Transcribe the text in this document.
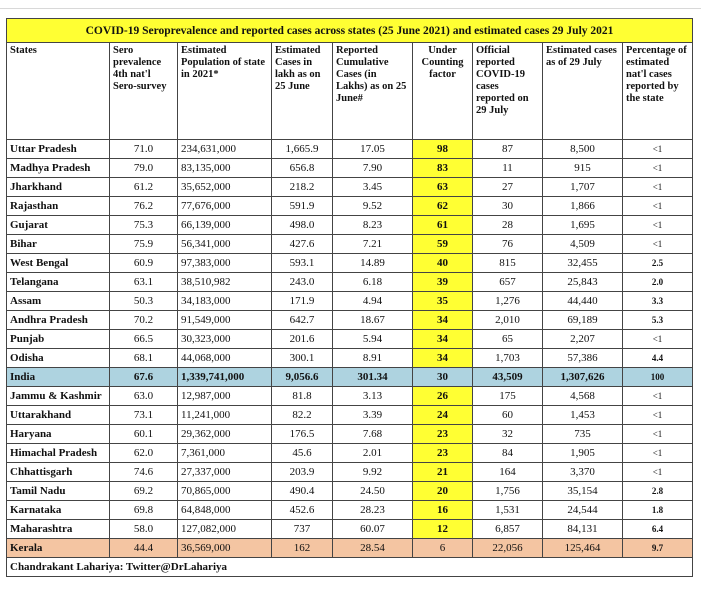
COVID-19 Seroprevalence and reported cases across states (25 June 2021) and estimated cases 29 July 2021								
States	Sero prevalence 4th nat'l Sero-survey	Estimated Population of state in 2021*	Estimated Cases in lakh as on 25 June	Reported Cumulative Cases (in Lakhs) as on 25 June#	Under Counting factor	Official reported COVID-19 cases reported on 29 July	Estimated cases as of 29 July	Percentage of estimated nat'l cases reported by the state
Uttar Pradesh	71.0	234,631,000	1,665.9	17.05	98	87	8,500	<1
Madhya Pradesh	79.0	83,135,000	656.8	7.90	83	11	915	<1
Jharkhand	61.2	35,652,000	218.2	3.45	63	27	1,707	<1
Rajasthan	76.2	77,676,000	591.9	9.52	62	30	1,866	<1
Gujarat	75.3	66,139,000	498.0	8.23	61	28	1,695	<1
Bihar	75.9	56,341,000	427.6	7.21	59	76	4,509	<1
West Bengal	60.9	97,383,000	593.1	14.89	40	815	32,455	2.5
Telangana	63.1	38,510,982	243.0	6.18	39	657	25,843	2.0
Assam	50.3	34,183,000	171.9	4.94	35	1,276	44,440	3.3
Andhra Pradesh	70.2	91,549,000	642.7	18.67	34	2,010	69,189	5.3
Punjab	66.5	30,323,000	201.6	5.94	34	65	2,207	<1
Odisha	68.1	44,068,000	300.1	8.91	34	1,703	57,386	4.4
India	67.6	1,339,741,000	9,056.6	301.34	30	43,509	1,307,626	100
Jammu & Kashmir	63.0	12,987,000	81.8	3.13	26	175	4,568	<1
Uttarakhand	73.1	11,241,000	82.2	3.39	24	60	1,453	<1
Haryana	60.1	29,362,000	176.5	7.68	23	32	735	<1
Himachal Pradesh	62.0	7,361,000	45.6	2.01	23	84	1,905	<1
Chhattisgarh	74.6	27,337,000	203.9	9.92	21	164	3,370	<1
Tamil Nadu	69.2	70,865,000	490.4	24.50	20	1,756	35,154	2.8
Karnataka	69.8	64,848,000	452.6	28.23	16	1,531	24,544	1.8
Maharashtra	58.0	127,082,000	737	60.07	12	6,857	84,131	6.4
Kerala	44.4	36,569,000	162	28.54	6	22,056	125,464	9.7
Chandrakant Lahariya: Twitter@DrLahariya								
